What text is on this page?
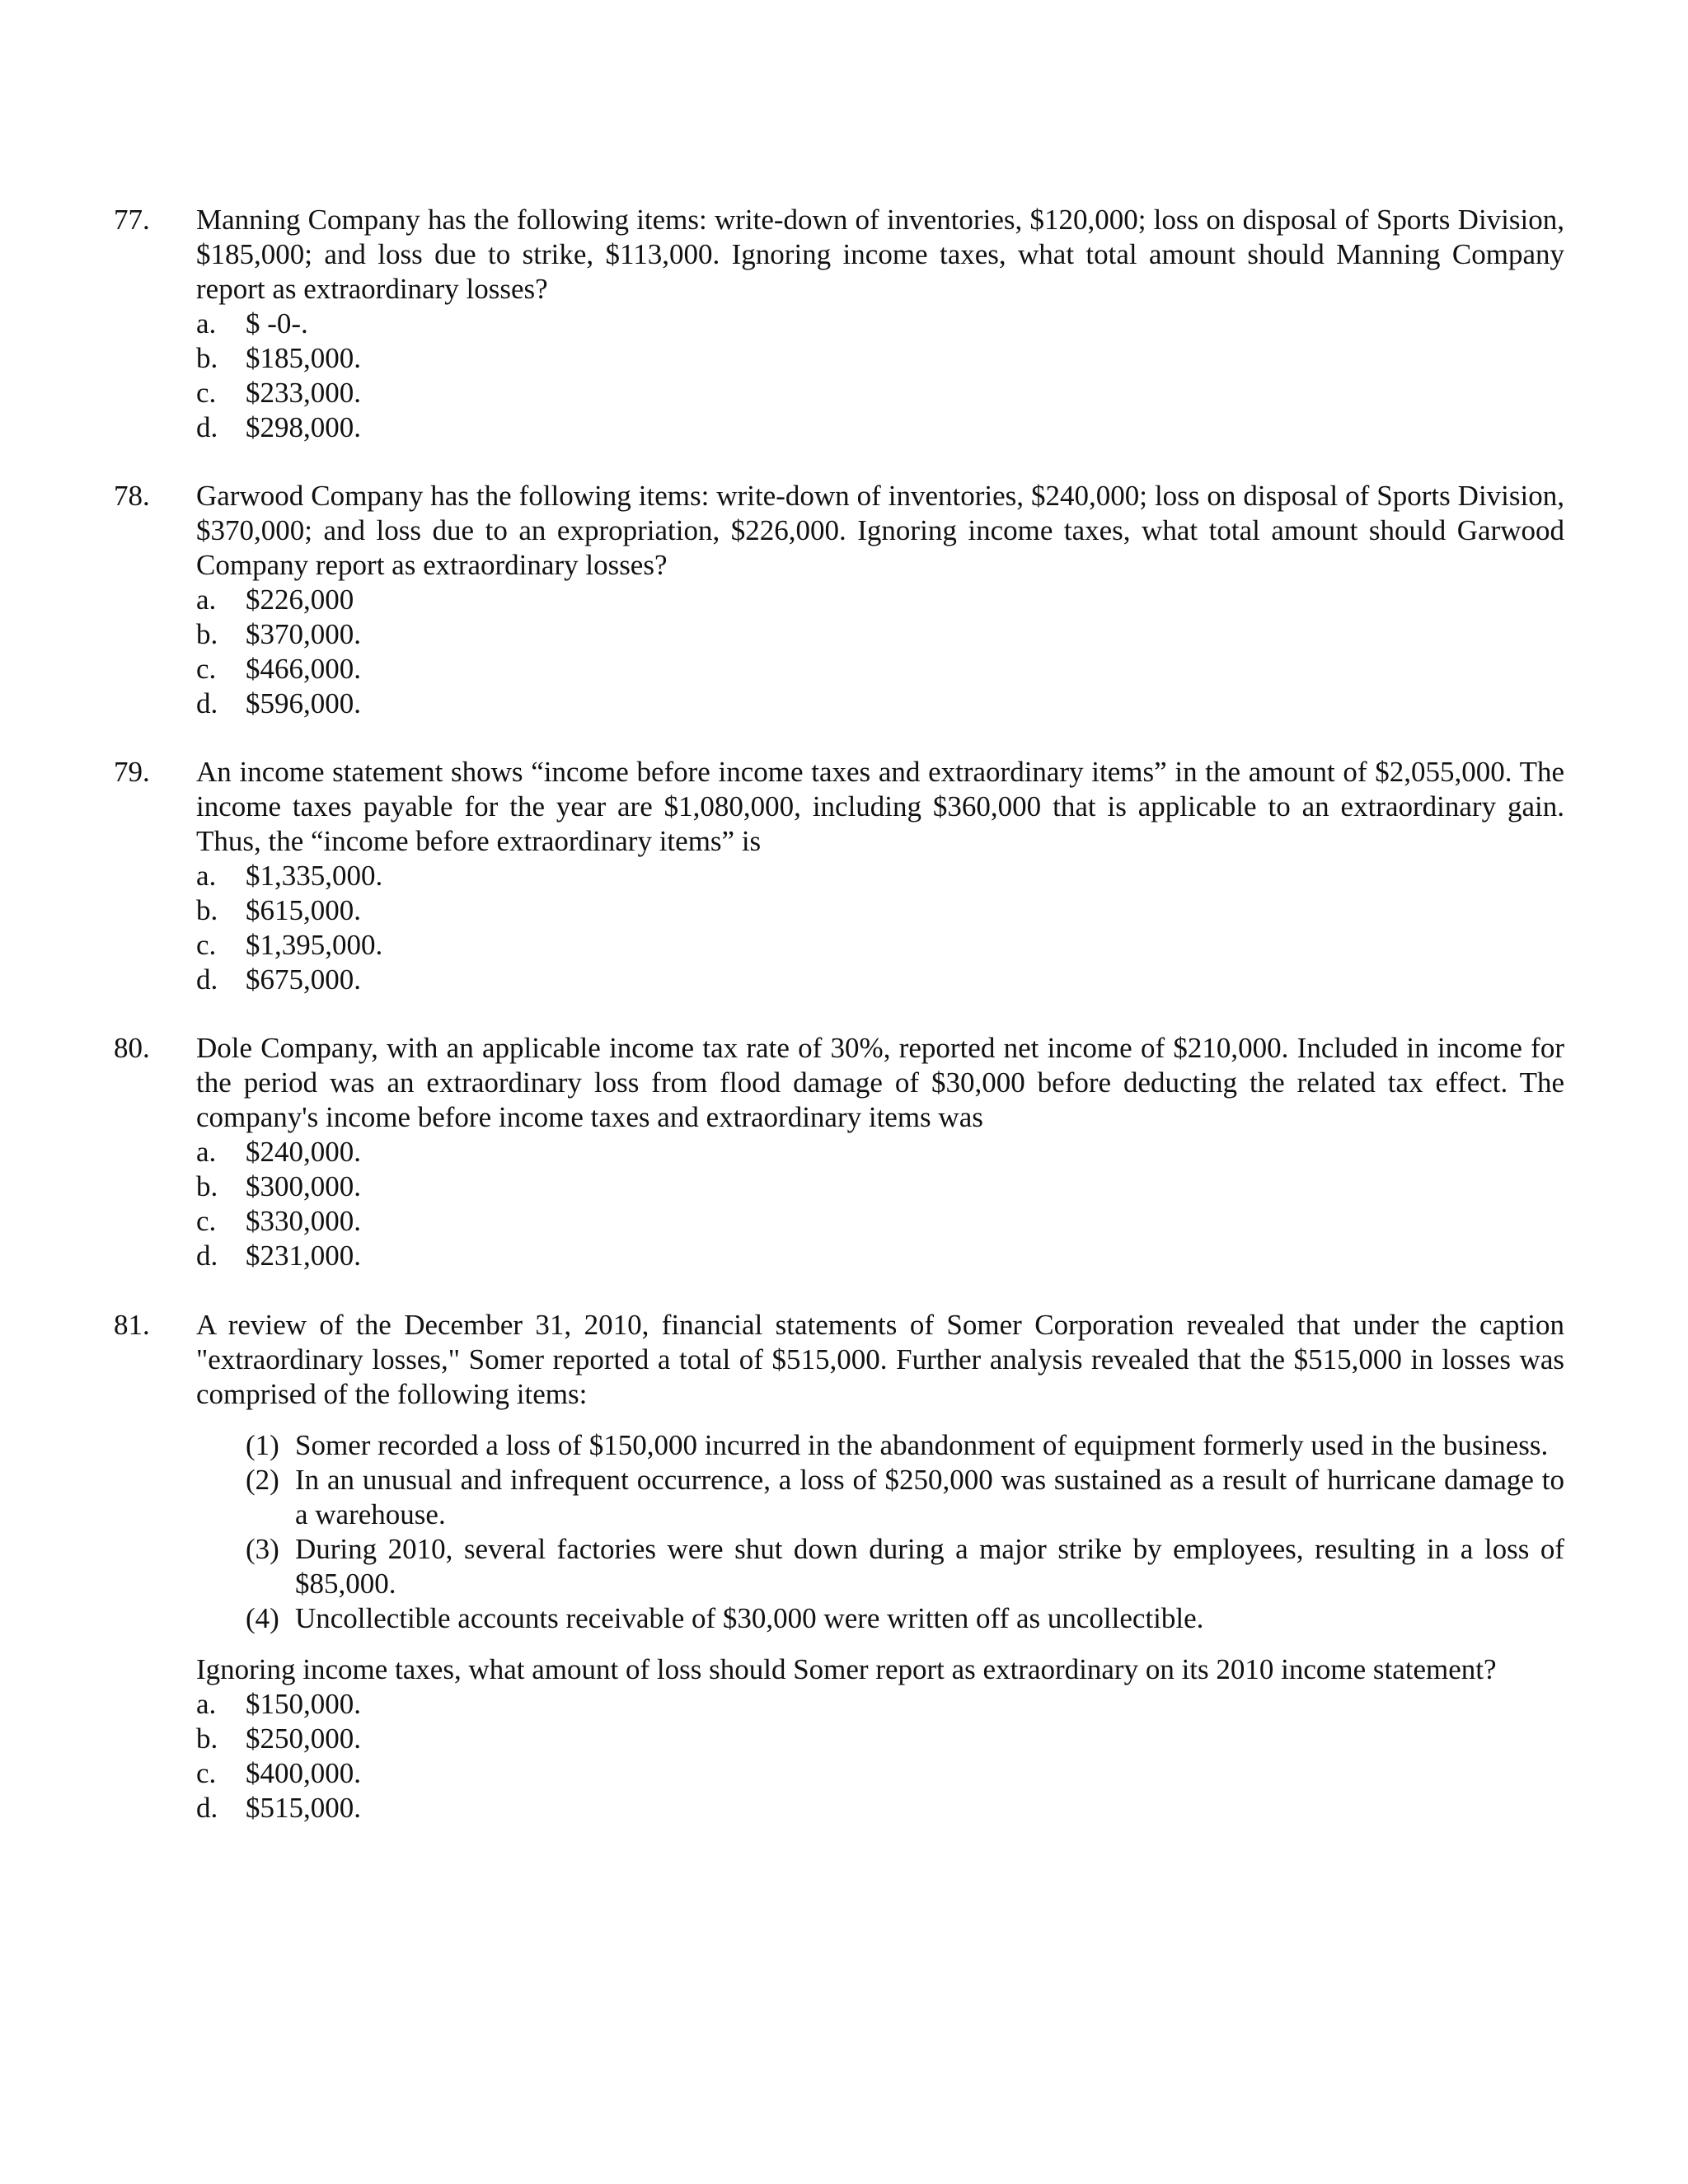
77.	Manning Company has the following items: write-down of inventories, $120,000; loss on disposal of Sports Division, $185,000; and loss due to strike, $113,000. Ignoring income taxes, what total amount should Manning Company report as extraordinary losses?

a.	$ -0-.
b. $185,000.
c.	$233,000.
d. $298,000.
78.	Garwood Company has the following items: write-down of inventories, $240,000; loss on disposal of Sports Division, $370,000; and loss due to an expropriation, $226,000. Ignoring income taxes, what total amount should Garwood Company report as extraordinary losses?

a.	$226,000
b. $370,000.
c.	$466,000.
d. $596,000.
79.	An income statement shows “income before income taxes and extraordinary items” in the amount of $2,055,000. The income taxes payable for the year are $1,080,000, including $360,000 that is applicable to an extraordinary gain. Thus, the “income before extraordinary items” is

a.	$1,335,000.
b. $615,000.
c.	$1,395,000.
d. $675,000.
80.	Dole Company, with an applicable income tax rate of 30%, reported net income of $210,000. Included in income for the period was an extraordinary loss from flood damage of $30,000 before deducting the related tax effect. The company's income before income taxes and extraordinary items was

a.	$240,000.
b. $300,000.
c.	$330,000.
d. $231,000.
81.	A review of the December 31, 2010, financial statements of Somer Corporation revealed that under the caption "extraordinary losses," Somer reported a total of $515,000. Further analysis revealed that the $515,000 in losses was comprised of the following items:

(1) Somer recorded a loss of $150,000 incurred in the abandonment of equipment formerly used in the business.
(2) In an unusual and infrequent occurrence, a loss of $250,000 was sustained as a result of hurricane damage to a warehouse.
(3) During 2010, several factories were shut down during a major strike by employees, resulting in a loss of $85,000.
(4) Uncollectible accounts receivable of $30,000 were written off as uncollectible.

Ignoring income taxes, what amount of loss should Somer report as extraordinary on its 2010 income statement?

a.	$150,000.
b. $250,000.
c.	$400,000.
d. $515,000.
